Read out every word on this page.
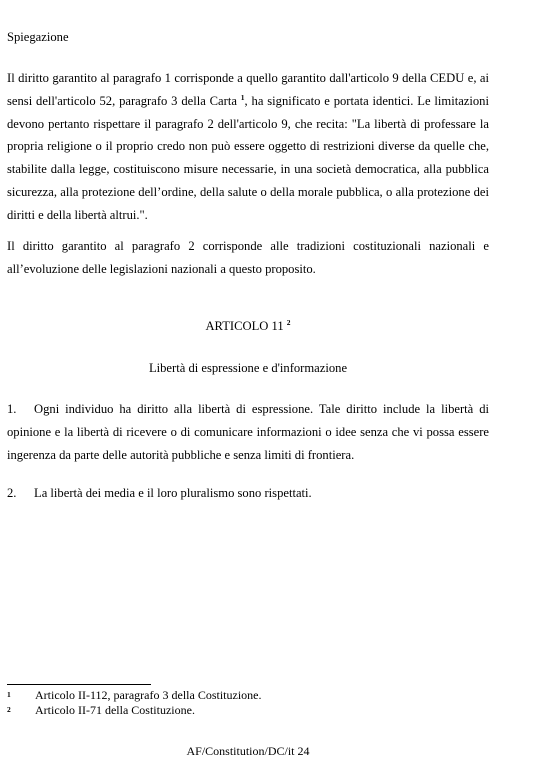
Spiegazione

Il diritto garantito al paragrafo 1 corrisponde a quello garantito dall'articolo 9 della CEDU e, ai sensi dell'articolo 52, paragrafo 3 della Carta $^1$, ha significato e portata identici. Le limitazioni devono pertanto rispettare il paragrafo 2 dell'articolo 9, che recita: "La libertà di professare la propria religione o il proprio credo non può essere oggetto di restrizioni diverse da quelle che, stabilite dalla legge, costituiscono misure necessarie, in una società democratica, alla pubblica sicurezza, alla protezione dell’ordine, della salute o della morale pubblica, o alla protezione dei diritti e della libertà altrui.".

Il diritto garantito al paragrafo 2 corrisponde alle tradizioni costituzionali nazionali e all’evoluzione delle legislazioni nazionali a questo proposito.

ARTICOLO 11 $^2$

Libertà di espressione e d'informazione

1. Ogni individuo ha diritto alla libertà di espressione. Tale diritto include la libertà di opinione e la libertà di ricevere o di comunicare informazioni o idee senza che vi possa essere ingerenza da parte delle autorità pubbliche e senza limiti di frontiera.

2. La libertà dei media e il loro pluralismo sono rispettati.

1 Articolo II-112, paragrafo 3 della Costituzione.
2 Articolo II-71 della Costituzione.
AF/Constitution/DC/it 24
